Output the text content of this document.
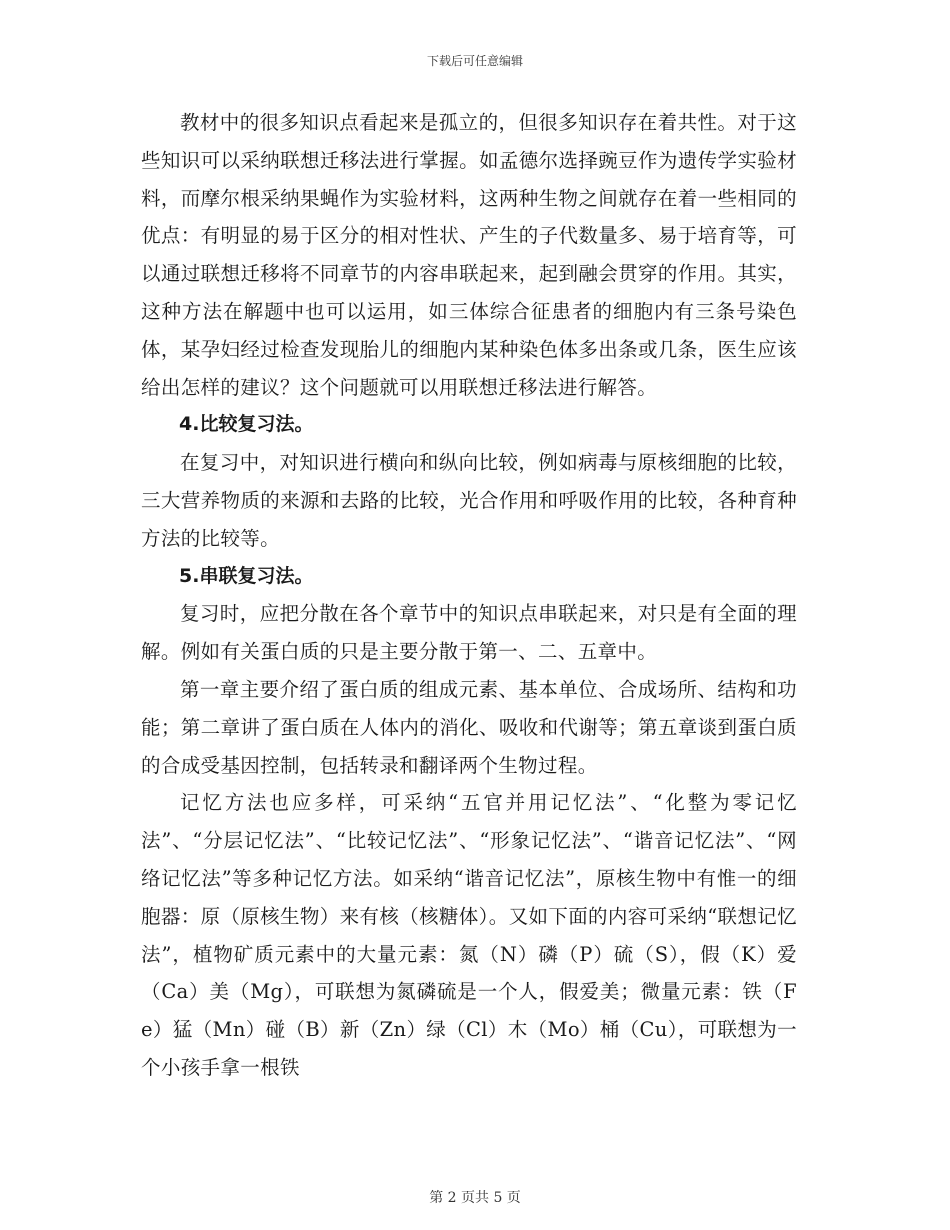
下载后可任意编辑

教材中的很多知识点看起来是孤立的，但很多知识存在着共性。对于这些知识可以采纳联想迁移法进行掌握。如孟德尔选择豌豆作为遗传学实验材料，而摩尔根采纳果蝇作为实验材料，这两种生物之间就存在着一些相同的优点：有明显的易于区分的相对性状、产生的子代数量多、易于培育等，可以通过联想迁移将不同章节的内容串联起来，起到融会贯穿的作用。其实，这种方法在解题中也可以运用，如三体综合征患者的细胞内有三条号染色体，某孕妇经过检查发现胎儿的细胞内某种染色体多出条或几条，医生应该给出怎样的建议？这个问题就可以用联想迁移法进行解答。

4.比较复习法。

在复习中，对知识进行横向和纵向比较，例如病毒与原核细胞的比较，三大营养物质的来源和去路的比较，光合作用和呼吸作用的比较，各种育种方法的比较等。

5.串联复习法。

复习时，应把分散在各个章节中的知识点串联起来，对只是有全面的理解。例如有关蛋白质的只是主要分散于第一、二、五章中。

第一章主要介绍了蛋白质的组成元素、基本单位、合成场所、结构和功能；第二章讲了蛋白质在人体内的消化、吸收和代谢等；第五章谈到蛋白质的合成受基因控制，包括转录和翻译两个生物过程。

记忆方法也应多样，可采纳“五官并用记忆法”、“化整为零记忆法”、“分层记忆法”、“比较记忆法”、“形象记忆法”、“谐音记忆法”、“网络记忆法”等多种记忆方法。如采纳“谐音记忆法”，原核生物中有惟一的细胞器：原（原核生物）来有核（核糖体）。又如下面的内容可采纳“联想记忆法”，植物矿质元素中的大量元素：氮（N）磷（P）硫（S），假（K）爱（Ca）美（Mg），可联想为氮磷硫是一个人，假爱美；微量元素：铁（Fe）猛（Mn）碰（B）新（Zn）绿（Cl）木（Mo）桶（Cu），可联想为一个小孩手拿一根铁

第 2 页共 5 页
